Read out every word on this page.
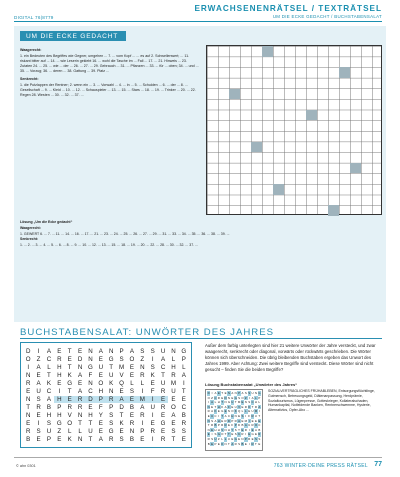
ERWACHSENENRÄTSEL / TEXTRÄTSEL
UM DIE ECKE GEDACHT / BUCHSTABENSALAT
DIGITAL 76|8779
UM DIE ECKE GEDACHT
Waagerecht:

1. ein Bedeuten des Begriffes wie Gegner, umgehen ... 7. ... vom Kopf ... ... es auf 2. Schwellenwert; ... 11. riskant bitter auf ... 14. ... wie Leserin geklebt 16. ... wohl die Tasche im ... Fall ... 17. ... 21. Hinweis ... 23. Zutaten 24. ... 25. ... wie ... der ... 26. ... 27. ... 29. Gebrauch ... 31. ... Pflanzen ... 33. ... für ... oben; 34. ... und ... 35. ... Vorzug; 36. ... deren ... 38. Gattung ... 39. Platz ...

Senkrecht:

1. die Putzlappen der Rentner; 2. wenn ein ... 3. ... Vorwahl ... 4. ... in ... 5. ... Schulden ... 6. ... der ... 8. ... Gesellschaft ... 9. ... Kleid ... 10. ... 12. ... Schauspieler ... 13. ... 15. ... Stars ... 18. ... 19. ... Trinker ... 20. ... 22. Regen 28. Westen ... 30. ... 32. ... 37. ...

Lösung „Um die Ecke gedacht“
Waagerecht:
1. GEWERT 6. ... 7. ... 11. ... 14. ... 16. ... 17. ... 21. ... 23. ... 24. ... 25. ... 26. ... 27. ... 29. ... 31. ... 33. ... 34. ... 35. ... 36. ... 38. ... 39. ...
Senkrecht:
1. ... 2. ... 3. ... 4. ... 5. ... 6. ... 8. ... 9. ... 10. ... 12. ... 13. ... 15. ... 18. ... 19. ... 20. ... 22. ... 28. ... 30. ... 32. ... 37. ...
BUCHSTABENSALAT: UNWÖRTER DES JAHRES
D	I	A	E	T	E N A N P	A	S	S U N G
O Z	C R E D N E G S O Z	I	A	L	P
I	A	L	H	T	N G U	T M E N S C H	L
N E	T	H K	A	F	E U V	E R K	T	R A
R A	K	E G E N O K Q	L	L	E U M	I
E U C	I	T	A C H N E	S	I	F	R U	T
N S	A H E R D P R A	E M	I	E	E	E
T	R B	P R R E	F	P D B	A U R O C
N E H H V N H Y	S	T	E R	I	E	A	B
E	I	S G O T	T	E	S	K R	I	E G E R
R S U	Z	L	L	U E G E N P R E	S	S
B	E	P	E	K N	T	A R S	B	E	I	R	T	E
Außer dem farbig unterlegten sind hier 21 weitere Unwörter der Jahre versteckt, und zwar waagerecht, senkrecht oder diagonal, vorwärts oder rückwärts geschrieben. Die Wörter können sich überschneiden. Die übrig bleibenden Buchstaben ergeben das Unwort des Jahres 1999. Aber Achtung: Zwei weitere Begriffe sind versteckt. Diese Wörter sind nicht gesucht – finden Sie die beiden Begriffe?
Lösung Buchstabensalat „Unwörter des Jahres“
D I A E T E N A N P A S S U N G
O Z C R E D N E G S O Z I A L P
I A L H T N G U T M E N S C H L
N E T H K A F E U V E R K T R A
R A K E G E N O K Q L L E U M I
E U C I T A C H N E S I F R U T
N S A H E R D P R A E M I E E E
T R B P R R E F P D B A U R O C
N E H H V N H Y S T E R I E A B
E I S G O T T E S K R I E G E R
R S U Z L L U E G E N P R E S S
B E P E K N T A R S B E I R T E
SOZIALVERTRÄGLICHES FRÜHABLEBEN, Entsorgungsflüchtlinge, Gutmensch, Betreuungsgeld, Diätenanpassung, Herdprämie, Sozialtourismus, Lügenpresse, Gotteskrieger, Kollateralschaden, Humankapital, Notleidende Banken, Rentnerschwemme, Hysterie, Alternativlos, Opfer-Abo ...
© ahn 0301	763 WINTER·DEINE PRESS RÄTSEL 77
